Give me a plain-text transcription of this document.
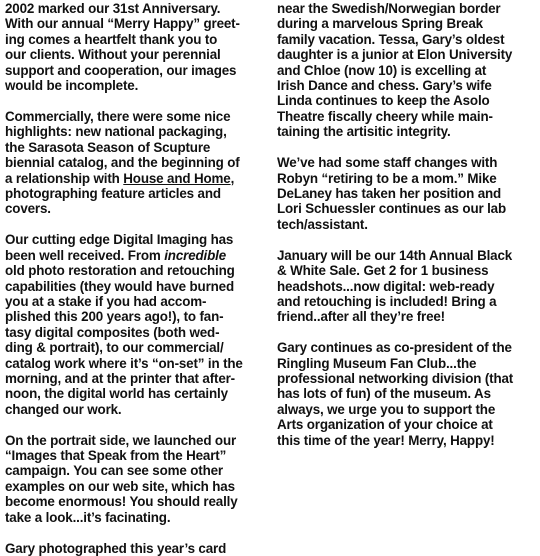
2002 marked our 31st Anniversary.
With our annual “Merry Happy” greet-
ing comes a heartfelt thank you to
our clients. Without your perennial
support and cooperation, our images
would be incomplete.
Commercially, there were some nice
highlights: new national packaging,
the Sarasota Season of Scupture
biennial catalog, and the beginning of
a relationship with House and Home,
photographing feature articles and
covers.
Our cutting edge Digital Imaging has
been well received. From incredible
old photo restoration and retouching
capabilities (they would have burned
you at a stake if you had accom-
plished this 200 years ago!), to fan-
tasy digital composites (both wed-
ding & portrait), to our commercial/
catalog work where it’s “on-set” in the
morning, and at the printer that after-
noon, the digital world has certainly
changed our work.
On the portrait side, we launched our
“Images that Speak from the Heart”
campaign. You can see some other
examples on our web site, which has
become enormous! You should really
take a look...it’s facinating.
Gary photographed this year’s card
near the Swedish/Norwegian border
during a marvelous Spring Break
family vacation. Tessa, Gary’s oldest
daughter is a junior at Elon University
and Chloe (now 10) is excelling at
Irish Dance and chess. Gary’s wife
Linda continues to keep the Asolo
Theatre fiscally cheery while main-
taining the artisitic integrity.
We’ve had some staff changes with
Robyn “retiring to be a mom.” Mike
DeLaney has taken her position and
Lori Schuessler continues as our lab
tech/assistant.
January will be our 14th Annual Black
& White Sale. Get 2 for 1 business
headshots...now digital: web-ready
and retouching is included! Bring a
friend..after all they’re free!
Gary continues as co-president of the
Ringling Museum Fan Club...the
professional networking division (that
has lots of fun) of the museum. As
always, we urge you to support the
Arts organization of your choice at
this time of the year! Merry, Happy!
